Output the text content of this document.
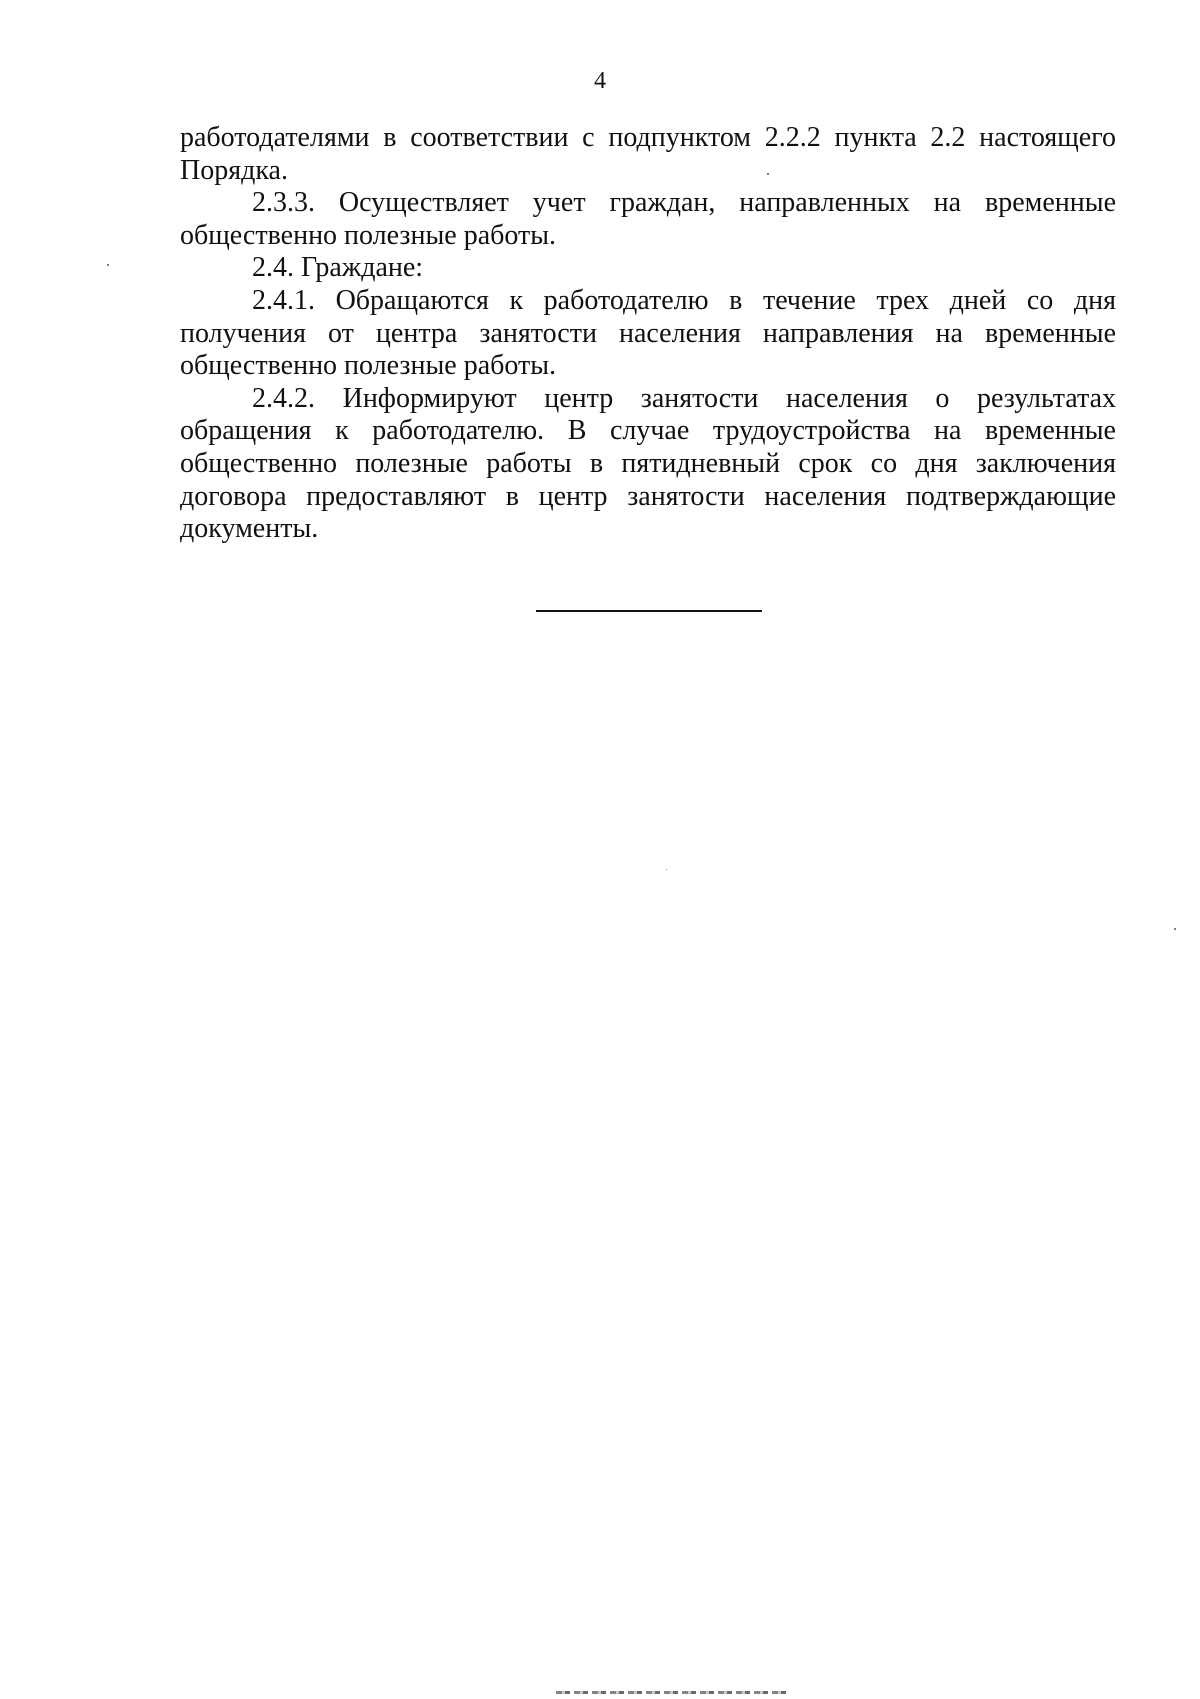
4

работодателями в соответствии с подпунктом 2.2.2 пункта 2.2 настоящего Порядка.

2.3.3. Осуществляет учет граждан, направленных на временные общественно полезные работы.

2.4. Граждане:

2.4.1. Обращаются к работодателю в течение трех дней со дня получения от центра занятости населения направления на временные общественно полезные работы.

2.4.2. Информируют центр занятости населения о результатах обращения к работодателю. В случае трудоустройства на временные общественно полезные работы в пятидневный срок со дня заключения договора предоставляют в центр занятости населения подтверждающие документы.
